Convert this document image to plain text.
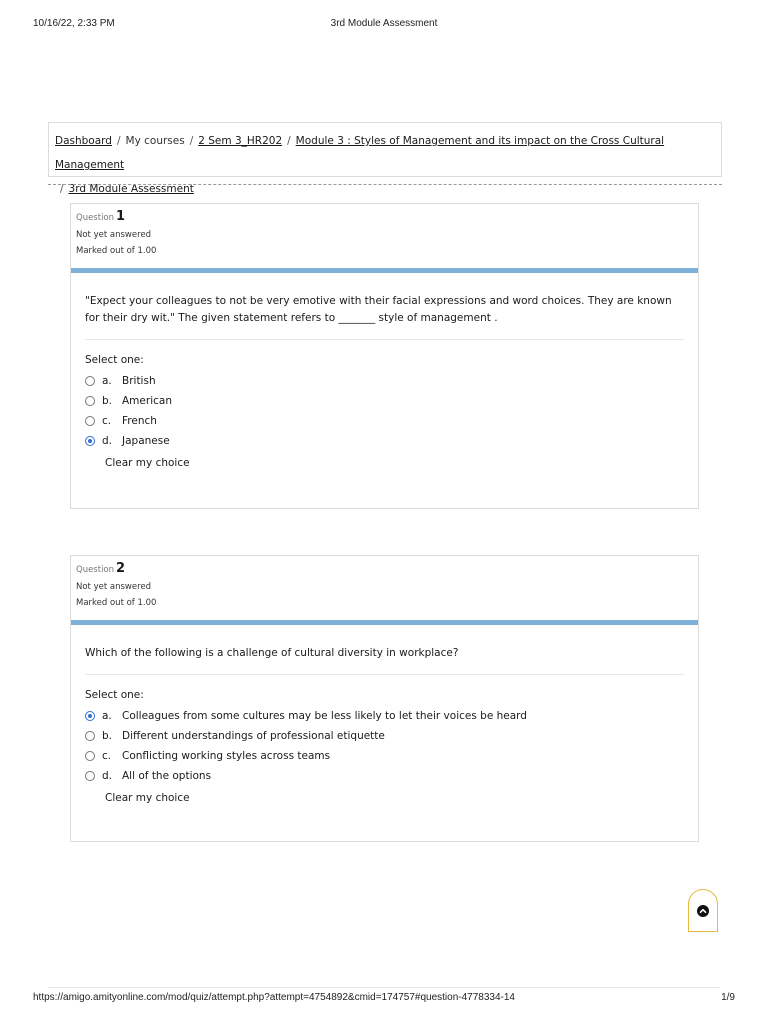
10/16/22, 2:33 PM	3rd Module Assessment
Dashboard / My courses / 2 Sem 3_HR202 / Module 3 : Styles of Management and its impact on the Cross Cultural Management
/ 3rd Module Assessment
Question 1
Not yet answered
Marked out of 1.00
"Expect your colleagues to not be very emotive with their facial expressions and word choices. They are known for their dry wit." The given statement refers to _______ style of management .
Select one:
a. British
b. American
c.	French
d. Japanese
Clear my choice
Question 2
Not yet answered
Marked out of 1.00
Which of the following is a challenge of cultural diversity in workplace?
Select one:
a. Colleagues from some cultures may be less likely to let their voices be heard
b. Different understandings of professional etiquette
c.	Conflicting working styles across teams
d. All of the options
Clear my choice
https://amigo.amityonline.com/mod/quiz/attempt.php?attempt=4754892&cmid=174757#question-4778334-14	1/9
